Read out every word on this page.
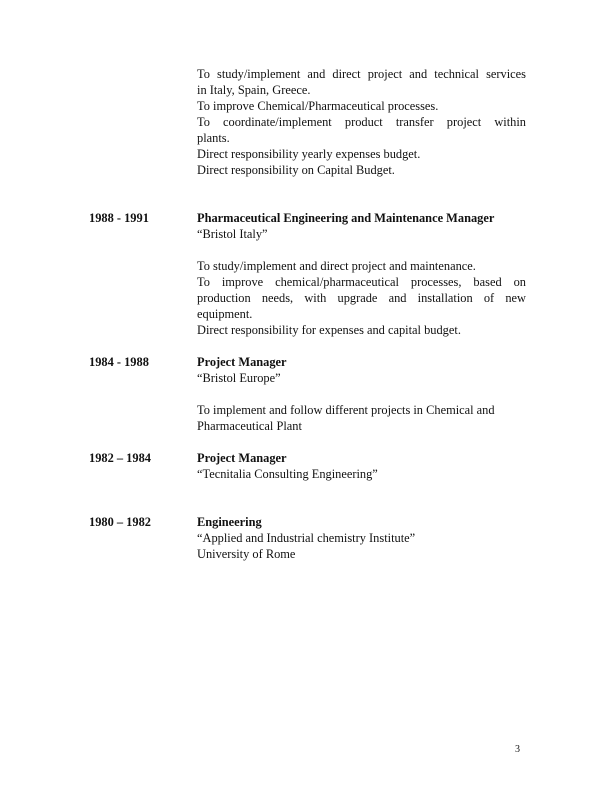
To study/implement and direct project and technical services
in Italy, Spain, Greece.
To improve Chemical/Pharmaceutical processes.
To coordinate/implement product transfer project within
plants.
Direct responsibility yearly expenses budget.
Direct responsibility on Capital Budget.
1988 - 1991	Pharmaceutical Engineering and Maintenance Manager
“Bristol Italy”
To study/implement and direct project and maintenance.
To improve chemical/pharmaceutical processes, based on
production needs, with upgrade and installation of new
equipment.
Direct responsibility for expenses and capital budget.
1984 - 1988	Project Manager
“Bristol Europe”
To implement and follow different projects in Chemical and
Pharmaceutical Plant
1982 – 1984	Project Manager
“Tecnitalia Consulting Engineering”
1980 – 1982	Engineering
“Applied and Industrial chemistry Institute”
University of Rome
3
